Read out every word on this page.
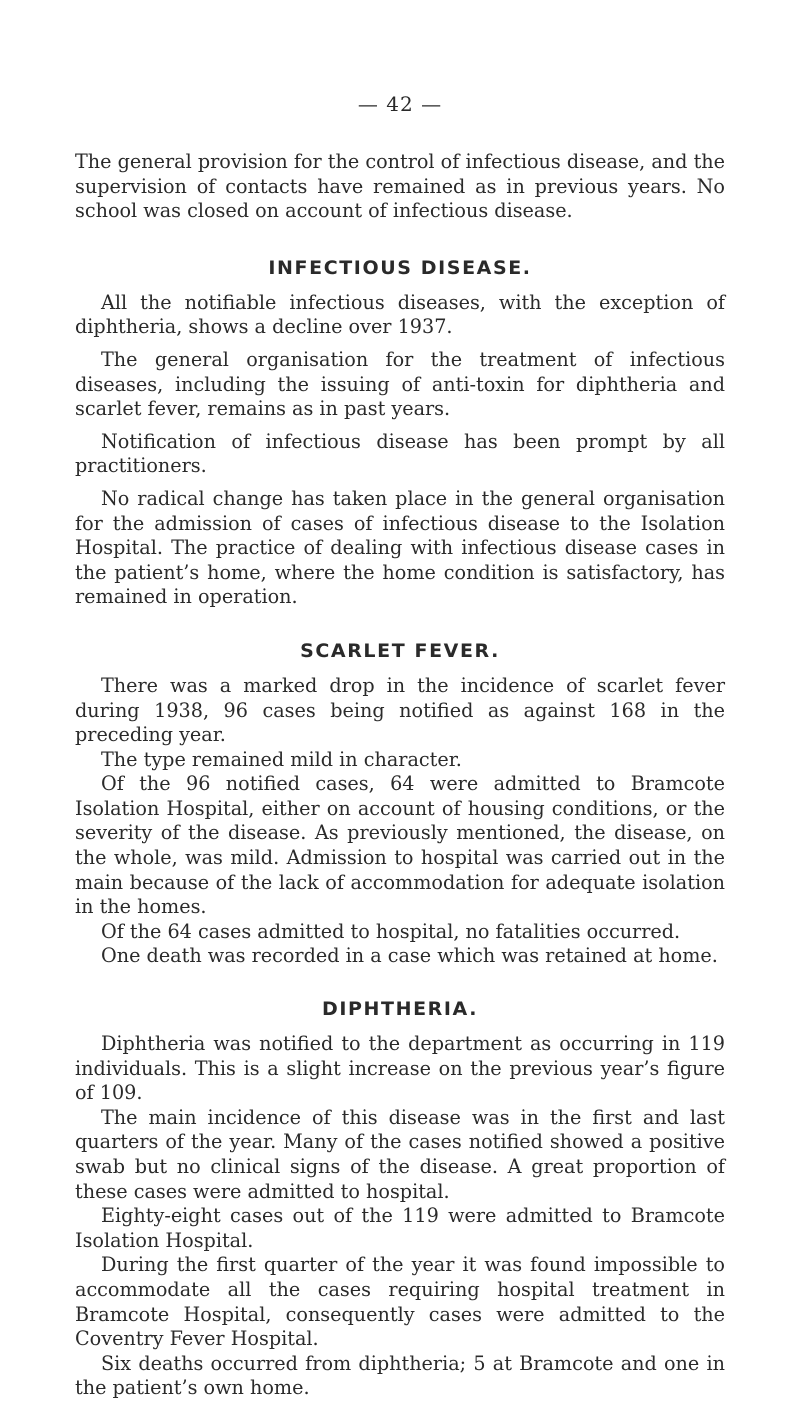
— 42 —

The general provision for the control of infectious disease, and the supervision of contacts have remained as in previous years. No school was closed on account of infectious disease.

INFECTIOUS DISEASE.

All the notifiable infectious diseases, with the exception of diphtheria, shows a decline over 1937.

The general organisation for the treatment of infectious diseases, including the issuing of anti-toxin for diphtheria and scarlet fever, remains as in past years.

Notification of infectious disease has been prompt by all practitioners.

No radical change has taken place in the general organisation for the admission of cases of infectious disease to the Isolation Hospital. The practice of dealing with infectious disease cases in the patient’s home, where the home condition is satisfactory, has remained in operation.

SCARLET FEVER.

There was a marked drop in the incidence of scarlet fever during 1938, 96 cases being notified as against 168 in the preceding year.

The type remained mild in character.

Of the 96 notified cases, 64 were admitted to Bramcote Isolation Hospital, either on account of housing conditions, or the severity of the disease. As previously mentioned, the disease, on the whole, was mild. Admission to hospital was carried out in the main because of the lack of accommodation for adequate isolation in the homes.

Of the 64 cases admitted to hospital, no fatalities occurred.

One death was recorded in a case which was retained at home.

DIPHTHERIA.

Diphtheria was notified to the department as occurring in 119 individuals. This is a slight increase on the previous year’s figure of 109.

The main incidence of this disease was in the first and last quarters of the year. Many of the cases notified showed a positive swab but no clinical signs of the disease. A great proportion of these cases were admitted to hospital.

Eighty-eight cases out of the 119 were admitted to Bramcote Isolation Hospital.

During the first quarter of the year it was found impossible to accommodate all the cases requiring hospital treatment in Bramcote Hospital, consequently cases were admitted to the Coventry Fever Hospital.

Six deaths occurred from diphtheria; 5 at Bramcote and one in the patient’s own home.
